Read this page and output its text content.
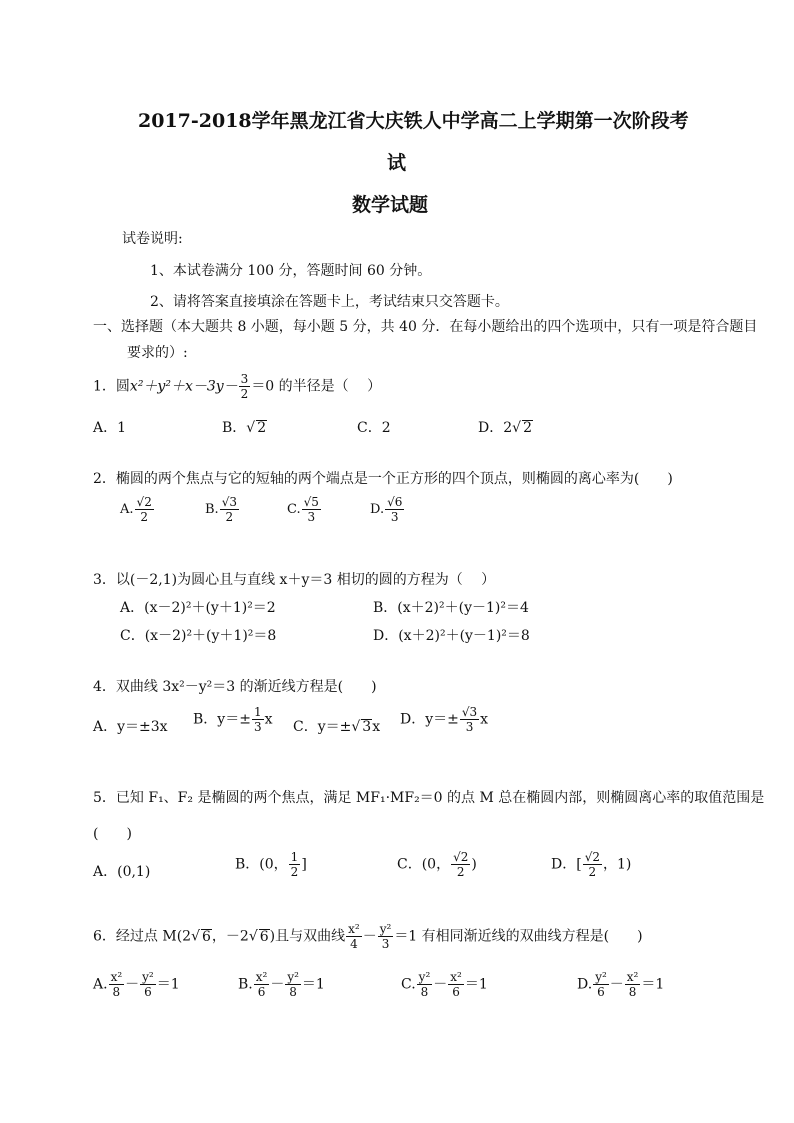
2017-2018学年黑龙江省大庆铁人中学高二上学期第一次阶段考
试
数学试题
试卷说明:
1、本试卷满分 100 分，答题时间 60 分钟。
2、请将答案直接填涂在答题卡上，考试结束只交答题卡。
一、选择题（本大题共 8 小题，每小题 5 分，共 40 分．在每小题给出的四个选项中，只有一项是符合题目
要求的）:
1．圆$x^2+y^2+x-3y- \frac{3}{2} =0$ 的半径是（　 ）
A．1	B．√ 2	C．2	D．2√ 2
2．椭圆的两个焦点与它的短轴的两个端点是一个正方形的四个顶点，则椭圆的离心率为(　　)
A. $\frac{√2}{2}$	B. $\frac{√3}{2}$	C. $\frac{√5}{3}$	D. $\frac{√6}{3}$
3．以(－2,1)为圆心且与直线 x＋y＝3 相切的圆的方程为（　 ）
A．(x－2)²＋(y＋1)²＝2	B．(x＋2)²＋(y－1)²＝4
C．(x－2)²＋(y＋1)²＝8	D．(x＋2)²＋(y－1)²＝8
4．双曲线 3x²－y²＝3 的渐近线方程是(　　)
A．y＝±3x B．$y=\pm \frac{1}{3}$ x C．y＝±√ 3x D．$y=\pm \frac{√3}{3}$ x
5．已知 F₁、F₂ 是椭圆的两个焦点，满足 MF₁·MF₂＝0 的点 M 总在椭圆内部，则椭圆离心率的取值范围是
(　　)
A．(0,1)	B．(0， $\frac{1}{2}$ ]	C．(0， $\frac{√2}{2}$ )	D．[ $\frac{√2}{2}$ ，1)
6．经过点 M(2√ 6，－2√ 6)且与双曲线 $\frac{\text{x²}}{4} - \frac{\text{y²}}{3} =1$ 有相同渐近线的双曲线方程是(　　)
A. $\frac{\text{x²}}{8} - \frac{\text{y²}}{6} =1$	B. $\frac{\text{x²}}{6} - \frac{\text{y²}}{8} =1$	C. $\frac{\text{y²}}{8} - \frac{\text{x²}}{6} =1$	D. $\frac{\text{y²}}{6} - \frac{\text{x²}}{8} =1$
